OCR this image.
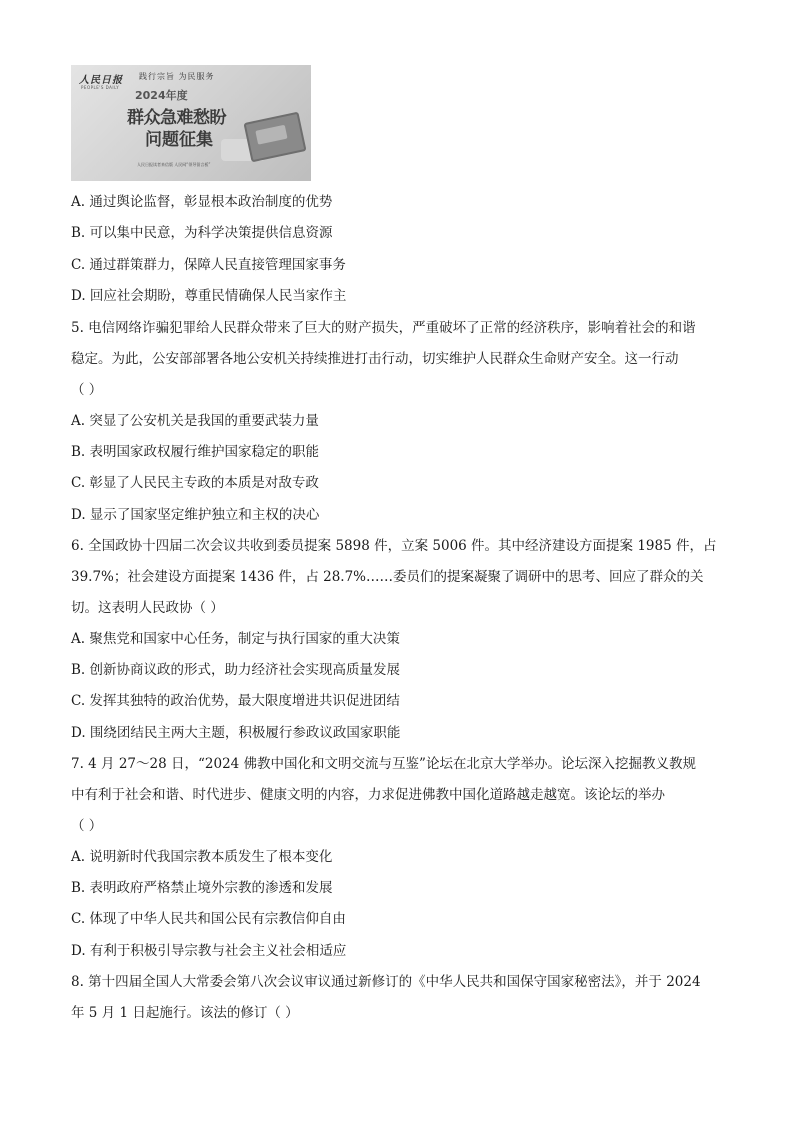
人民日报
PEOPLE'S DAILY
践行宗旨 为民服务
2024年度
群众急难愁盼
问题征集
人民日报读者来信版 人民网“领导留言板”
A. 通过舆论监督，彰显根本政治制度的优势
B. 可以集中民意，为科学决策提供信息资源
C. 通过群策群力，保障人民直接管理国家事务
D. 回应社会期盼，尊重民情确保人民当家作主
5. 电信网络诈骗犯罪给人民群众带来了巨大的财产损失，严重破坏了正常的经济秩序，影响着社会的和谐
稳定。为此，公安部部署各地公安机关持续推进打击行动，切实维护人民群众生命财产安全。这一行动
（ ）
A. 突显了公安机关是我国的重要武装力量
B. 表明国家政权履行维护国家稳定的职能
C. 彰显了人民民主专政的本质是对敌专政
D. 显示了国家坚定维护独立和主权的决心
6. 全国政协十四届二次会议共收到委员提案 5898 件，立案 5006 件。其中经济建设方面提案 1985 件，占
39.7%；社会建设方面提案 1436 件，占 28.7%……委员们的提案凝聚了调研中的思考、回应了群众的关
切。这表明人民政协（ ）
A. 聚焦党和国家中心任务，制定与执行国家的重大决策
B. 创新协商议政的形式，助力经济社会实现高质量发展
C. 发挥其独特的政治优势，最大限度增进共识促进团结
D. 围绕团结民主两大主题，积极履行参政议政国家职能
7. 4 月 27～28 日，“2024 佛教中国化和文明交流与互鉴”论坛在北京大学举办。论坛深入挖掘教义教规
中有利于社会和谐、时代进步、健康文明的内容，力求促进佛教中国化道路越走越宽。该论坛的举办
（ ）
A. 说明新时代我国宗教本质发生了根本变化
B. 表明政府严格禁止境外宗教的渗透和发展
C. 体现了中华人民共和国公民有宗教信仰自由
D. 有利于积极引导宗教与社会主义社会相适应
8. 第十四届全国人大常委会第八次会议审议通过新修订的《中华人民共和国保守国家秘密法》，并于 2024
年 5 月 1 日起施行。该法的修订（ ）
